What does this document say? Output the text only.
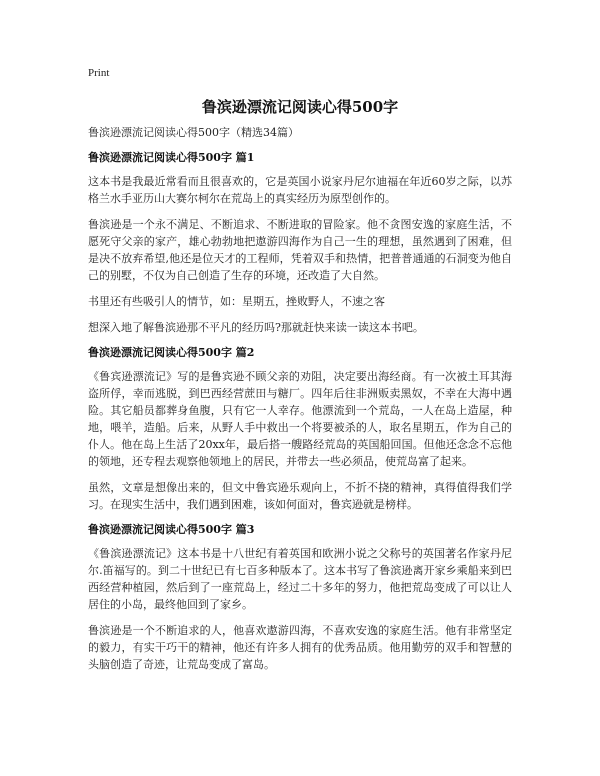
Print

鲁滨逊漂流记阅读心得500字

鲁滨逊漂流记阅读心得500字（精选34篇）

鲁滨逊漂流记阅读心得500字 篇1

这本书是我最近常看而且很喜欢的，它是英国小说家丹尼尔迪福在年近60岁之际，以苏格兰水手亚历山大赛尔柯尔在荒岛上的真实经历为原型创作的。

鲁滨逊是一个永不满足、不断追求、不断进取的冒险家。他不贪图安逸的家庭生活，不愿死守父亲的家产，雄心勃勃地把遨游四海作为自己一生的理想，虽然遇到了困难，但是决不放弃希望,他还是位天才的工程师，凭着双手和热情，把普普通通的石洞变为他自己的别墅，不仅为自己创造了生存的环境，还改造了大自然。

书里还有些吸引人的情节，如：星期五，挫败野人，不速之客

想深入地了解鲁滨逊那不平凡的经历吗?那就赶快来读一读这本书吧。

鲁滨逊漂流记阅读心得500字 篇2

《鲁宾逊漂流记》写的是鲁宾逊不顾父亲的劝阻，决定要出海经商。有一次被土耳其海盗所俘，幸而逃脱，到巴西经营蔗田与糖厂。四年后往非洲贩卖黑奴，不幸在大海中遇险。其它船员都葬身鱼腹，只有它一人幸存。他漂流到一个荒岛，一人在岛上造屋，种地，喂羊，造船。后来，从野人手中救出一个将要被杀的人，取名星期五，作为自己的仆人。他在岛上生活了20xx年，最后搭一艘路经荒岛的英国船回国。但他还念念不忘他的领地，还专程去观察他领地上的居民，并带去一些必须品，使荒岛富了起来。

虽然，文章是想像出来的，但文中鲁宾逊乐观向上，不折不挠的精神，真得值得我们学习。在现实生活中，我们遇到困难，该如何面对，鲁宾逊就是榜样。

鲁滨逊漂流记阅读心得500字 篇3

《鲁滨逊漂流记》这本书是十八世纪有着英国和欧洲小说之父称号的英国著名作家丹尼尔.笛福写的。到二十世纪已有七百多种版本了。这本书写了鲁滨逊离开家乡乘船来到巴西经营种植园，然后到了一座荒岛上，经过二十多年的努力，他把荒岛变成了可以让人居住的小岛，最终他回到了家乡。

鲁滨逊是一个不断追求的人，他喜欢遨游四海，不喜欢安逸的家庭生活。他有非常坚定的毅力，有实干巧干的精神，他还有许多人拥有的优秀品质。他用勤劳的双手和智慧的头脑创造了奇迹，让荒岛变成了富岛。
